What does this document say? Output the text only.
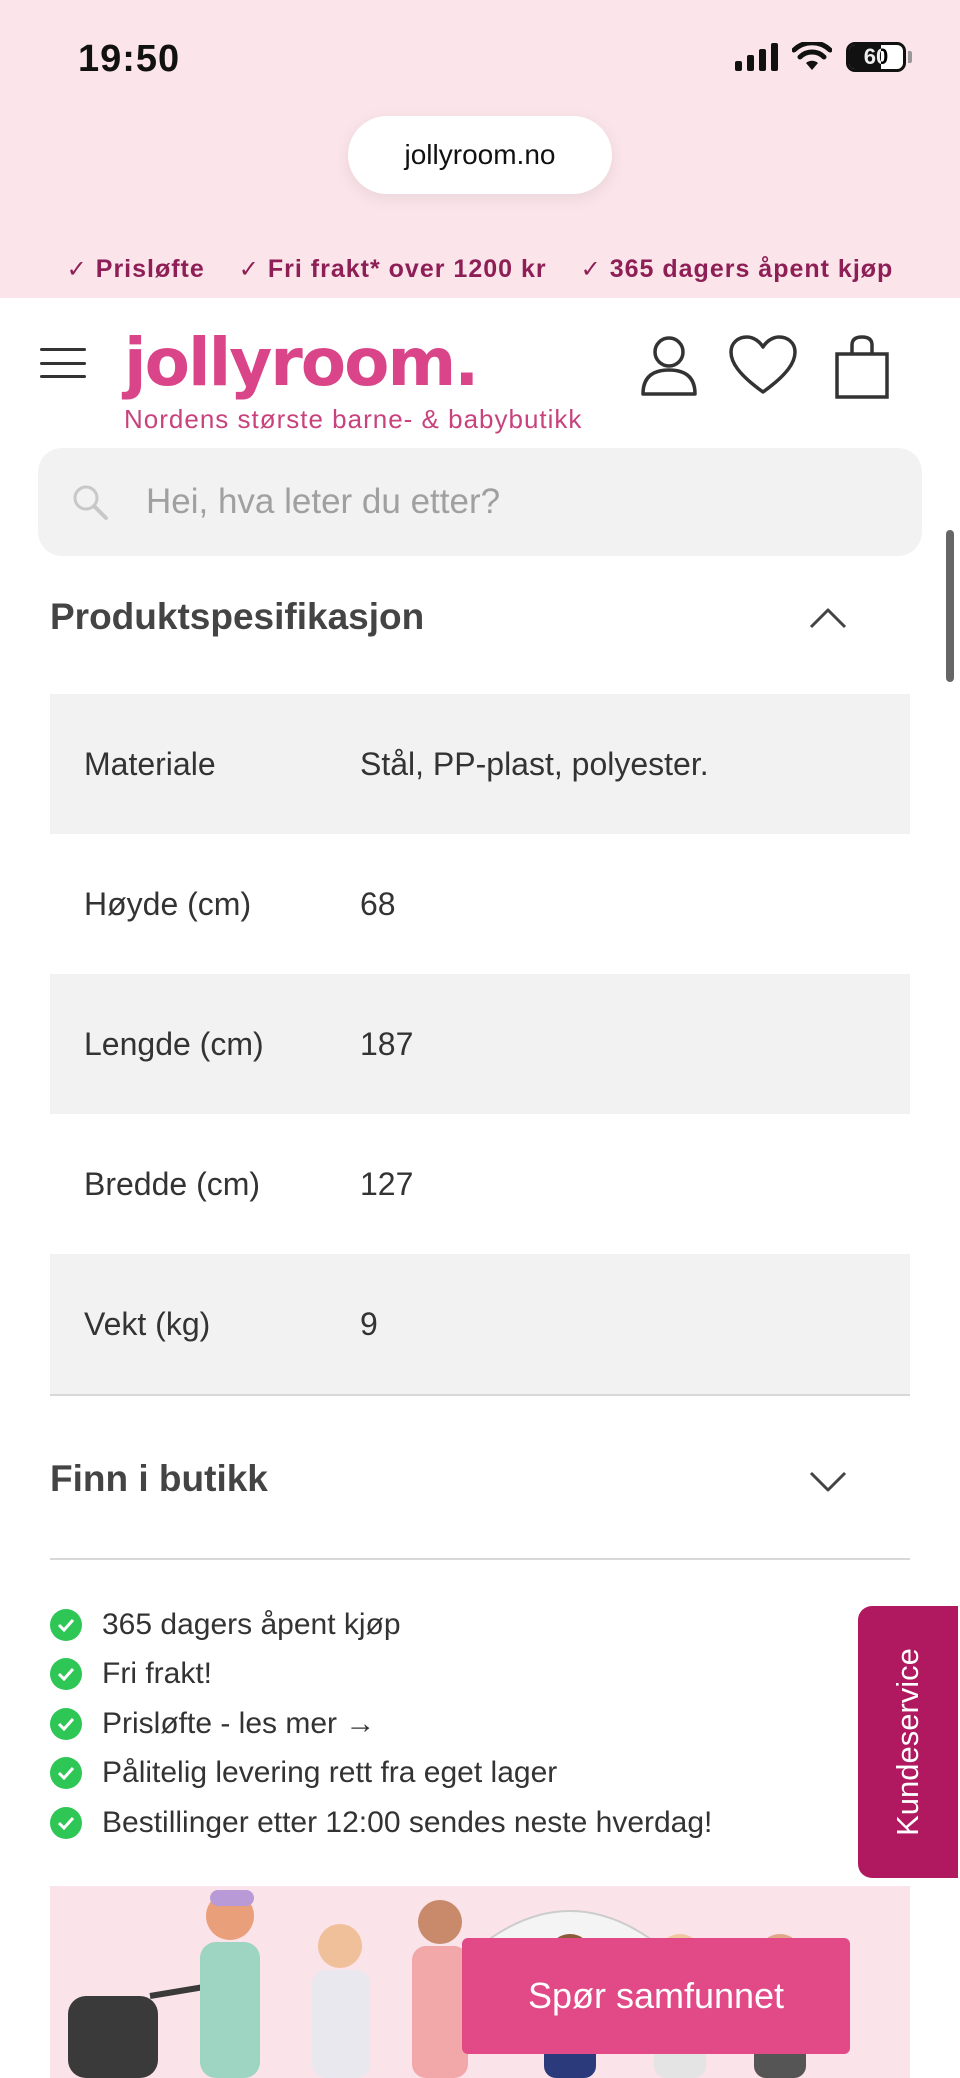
19:50	60
jollyroom.no
✓ Prisløfte ✓ Fri frakt* over 1200 kr ✓ 365 dagers åpent kjøp
jollyroom.
Nordens største barne- & babybutikk
Hei, hva leter du etter?
Produktspesifikasjon
Materiale	Stål, PP-plast, polyester.
Høyde (cm)	68
Lengde (cm)	187
Bredde (cm)	127
Vekt (kg)	9
Finn i butikk
365 dagers åpent kjøp
Fri frakt!
Prisløfte - les mer →
Pålitelig levering rett fra eget lager
Bestillinger etter 12:00 sendes neste hverdag!	Kundeservice
Spør samfunnet
